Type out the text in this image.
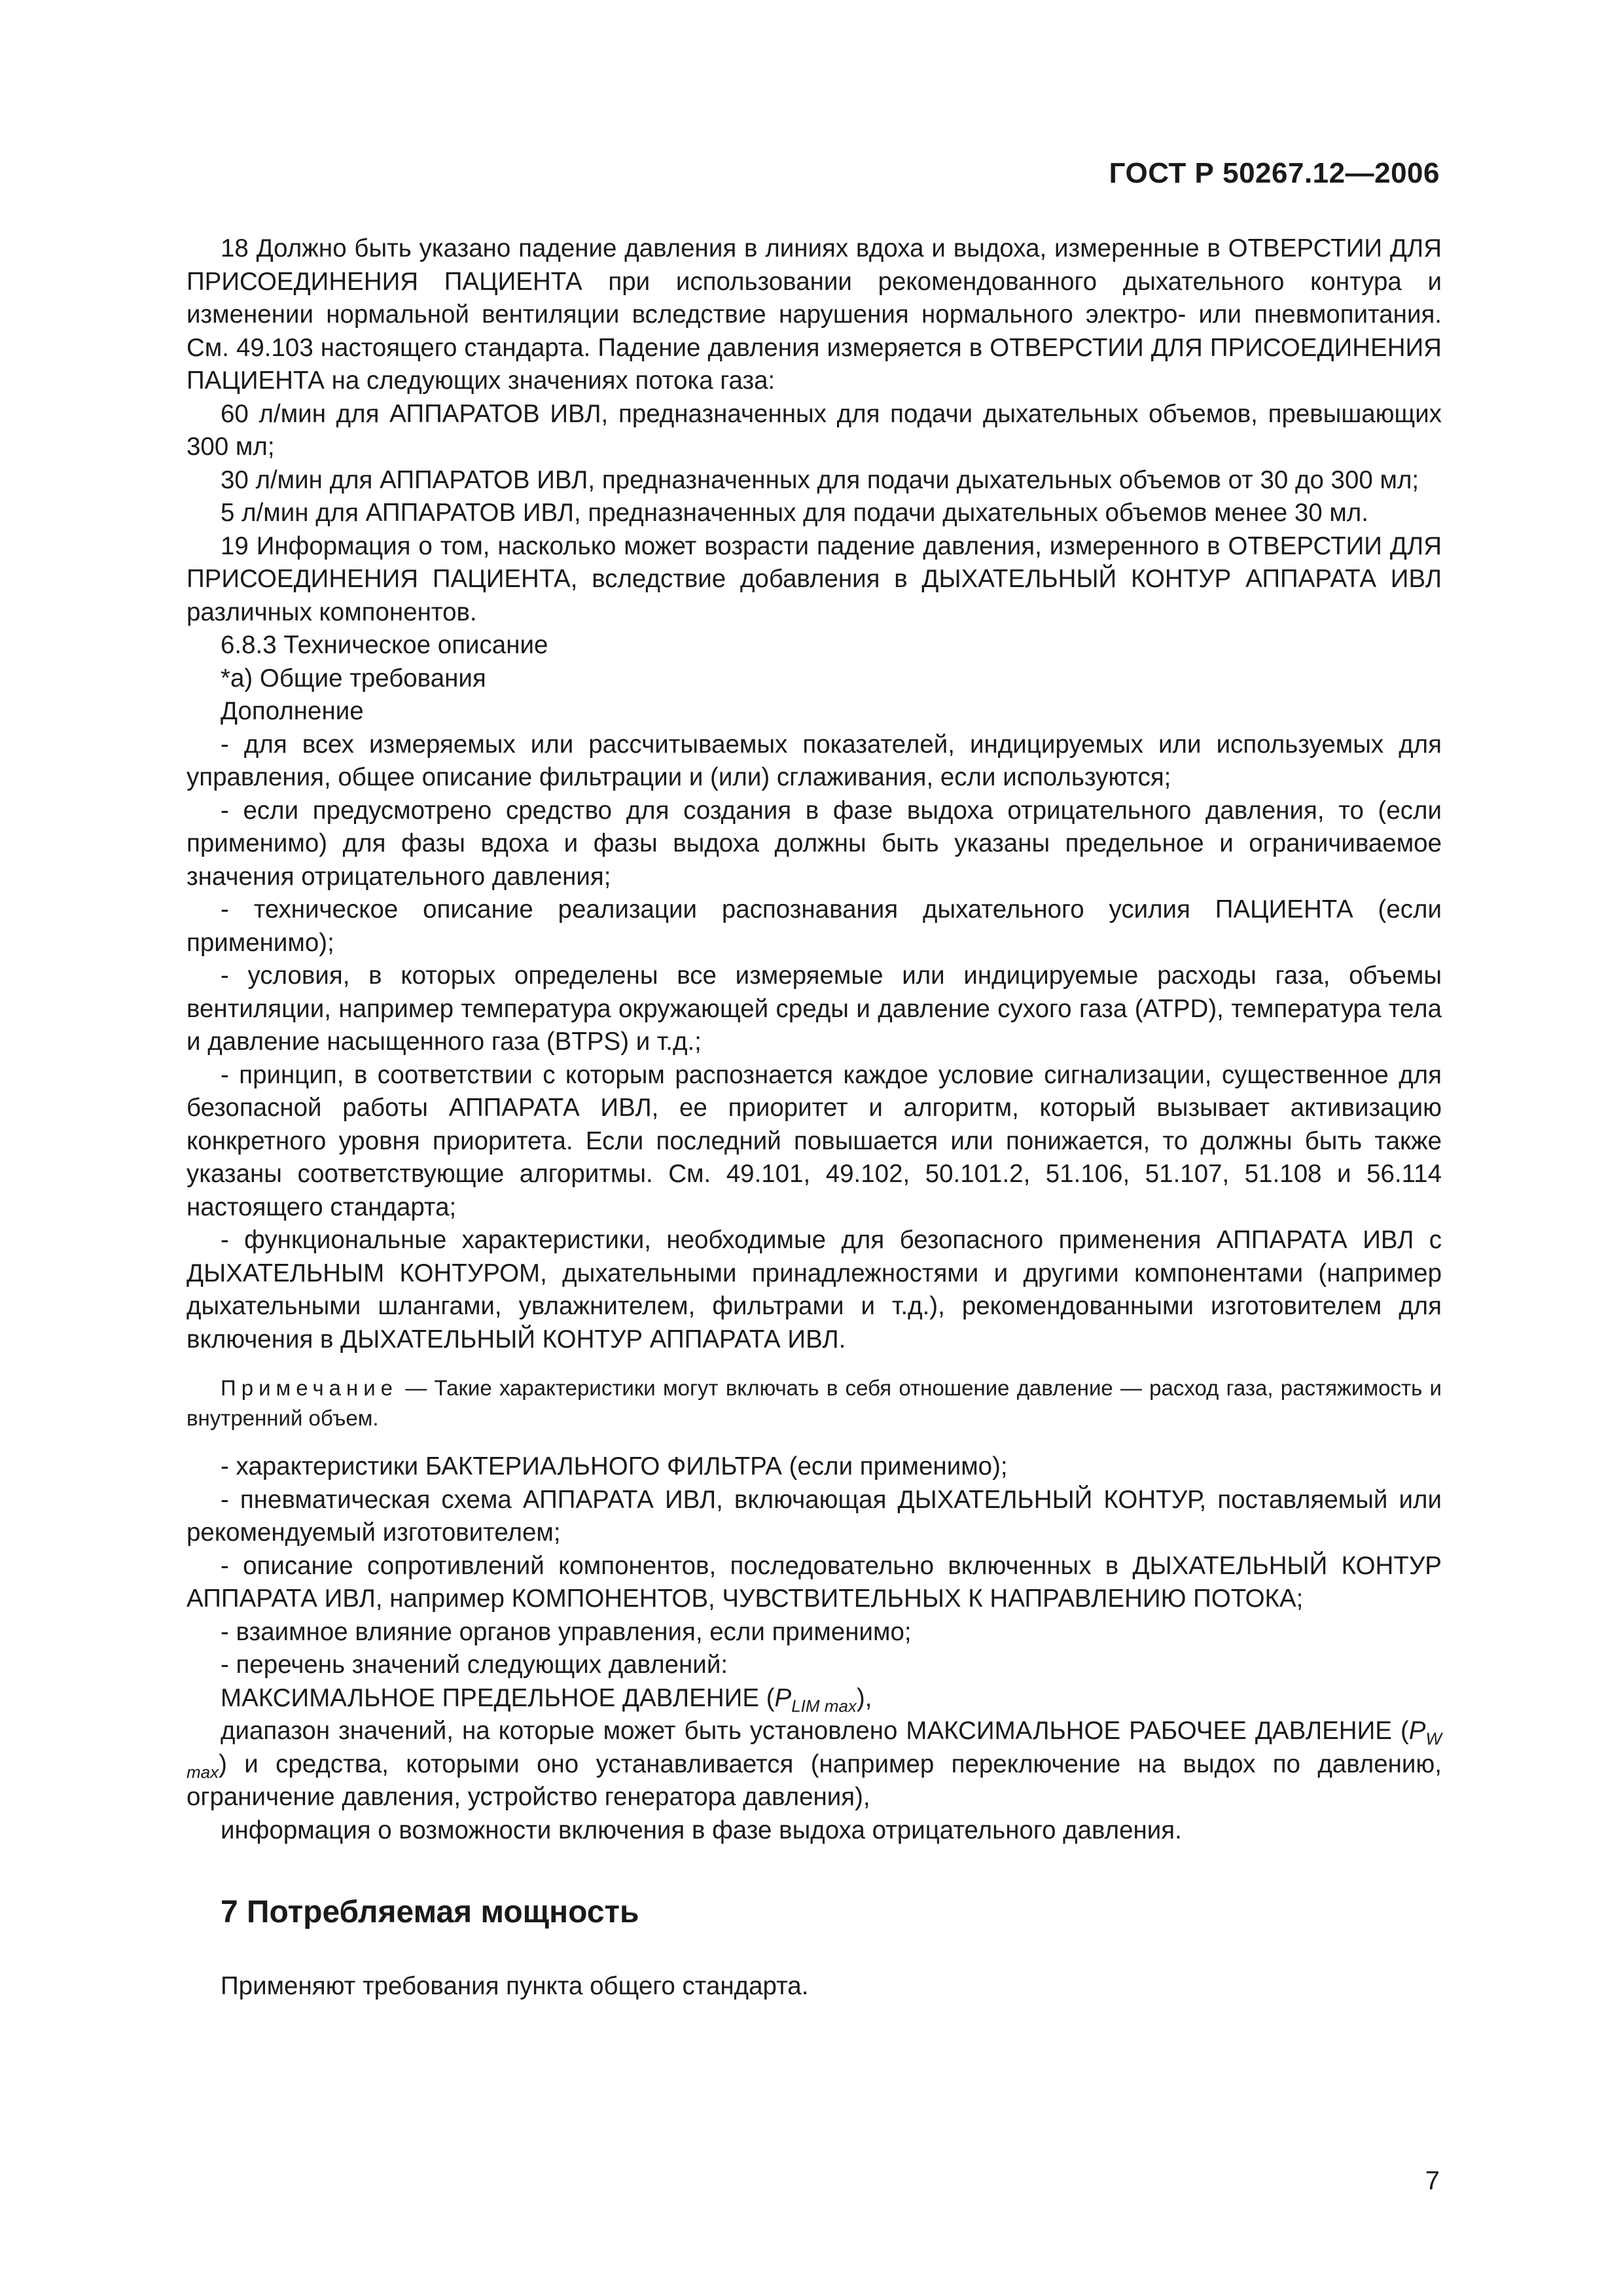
ГОСТ Р 50267.12—2006

18 Должно быть указано падение давления в линиях вдоха и выдоха, измеренные в ОТВЕРСТИИ ДЛЯ ПРИСОЕДИНЕНИЯ ПАЦИЕНТА при использовании рекомендованного дыхательного контура и изменении нормальной вентиляции вследствие нарушения нормального электро- или пневмопитания. См. 49.103 настоящего стандарта. Падение давления измеряется в ОТВЕРСТИИ ДЛЯ ПРИСОЕДИНЕНИЯ ПАЦИЕНТА на следующих значениях потока газа:

60 л/мин для АППАРАТОВ ИВЛ, предназначенных для подачи дыхательных объемов, превышающих 300 мл;

30 л/мин для АППАРАТОВ ИВЛ, предназначенных для подачи дыхательных объемов от 30 до 300 мл;

5 л/мин для АППАРАТОВ ИВЛ, предназначенных для подачи дыхательных объемов менее 30 мл.

19 Информация о том, насколько может возрасти падение давления, измеренного в ОТВЕРСТИИ ДЛЯ ПРИСОЕДИНЕНИЯ ПАЦИЕНТА, вследствие добавления в ДЫХАТЕЛЬНЫЙ КОНТУР АППАРАТА ИВЛ различных компонентов.

6.8.3 Техническое описание

*а) Общие требования

Дополнение

- для всех измеряемых или рассчитываемых показателей, индицируемых или используемых для управления, общее описание фильтрации и (или) сглаживания, если используются;

- если предусмотрено средство для создания в фазе выдоха отрицательного давления, то (если применимо) для фазы вдоха и фазы выдоха должны быть указаны предельное и ограничиваемое значения отрицательного давления;

- техническое описание реализации распознавания дыхательного усилия ПАЦИЕНТА (если применимо);

- условия, в которых определены все измеряемые или индицируемые расходы газа, объемы вентиляции, например температура окружающей среды и давление сухого газа (ATPD), температура тела и давление насыщенного газа (BTPS) и т.д.;

- принцип, в соответствии с которым распознается каждое условие сигнализации, существенное для безопасной работы АППАРАТА ИВЛ, ее приоритет и алгоритм, который вызывает активизацию конкретного уровня приоритета. Если последний повышается или понижается, то должны быть также указаны соответствующие алгоритмы. См. 49.101, 49.102, 50.101.2, 51.106, 51.107, 51.108 и 56.114 настоящего стандарта;

- функциональные характеристики, необходимые для безопасного применения АППАРАТА ИВЛ с ДЫХАТЕЛЬНЫМ КОНТУРОМ, дыхательными принадлежностями и другими компонентами (например дыхательными шлангами, увлажнителем, фильтрами и т.д.), рекомендованными изготовителем для включения в ДЫХАТЕЛЬНЫЙ КОНТУР АППАРАТА ИВЛ.

Примечание — Такие характеристики могут включать в себя отношение давление — расход газа, растяжимость и внутренний объем.

- характеристики БАКТЕРИАЛЬНОГО ФИЛЬТРА (если применимо);

- пневматическая схема АППАРАТА ИВЛ, включающая ДЫХАТЕЛЬНЫЙ КОНТУР, поставляемый или рекомендуемый изготовителем;

- описание сопротивлений компонентов, последовательно включенных в ДЫХАТЕЛЬНЫЙ КОНТУР АППАРАТА ИВЛ, например КОМПОНЕНТОВ, ЧУВСТВИТЕЛЬНЫХ К НАПРАВЛЕНИЮ ПОТОКА;

- взаимное влияние органов управления, если применимо;

- перечень значений следующих давлений:

МАКСИМАЛЬНОЕ ПРЕДЕЛЬНОЕ ДАВЛЕНИЕ $(P_{LIM max})$,

диапазон значений, на которые может быть установлено МАКСИМАЛЬНОЕ РАБОЧЕЕ ДАВЛЕНИЕ $(P_{W max})$ и средства, которыми оно устанавливается (например переключение на выдох по давлению, ограничение давления, устройство генератора давления),

информация о возможности включения в фазе выдоха отрицательного давления.

7 Потребляемая мощность

Применяют требования пункта общего стандарта.

7
